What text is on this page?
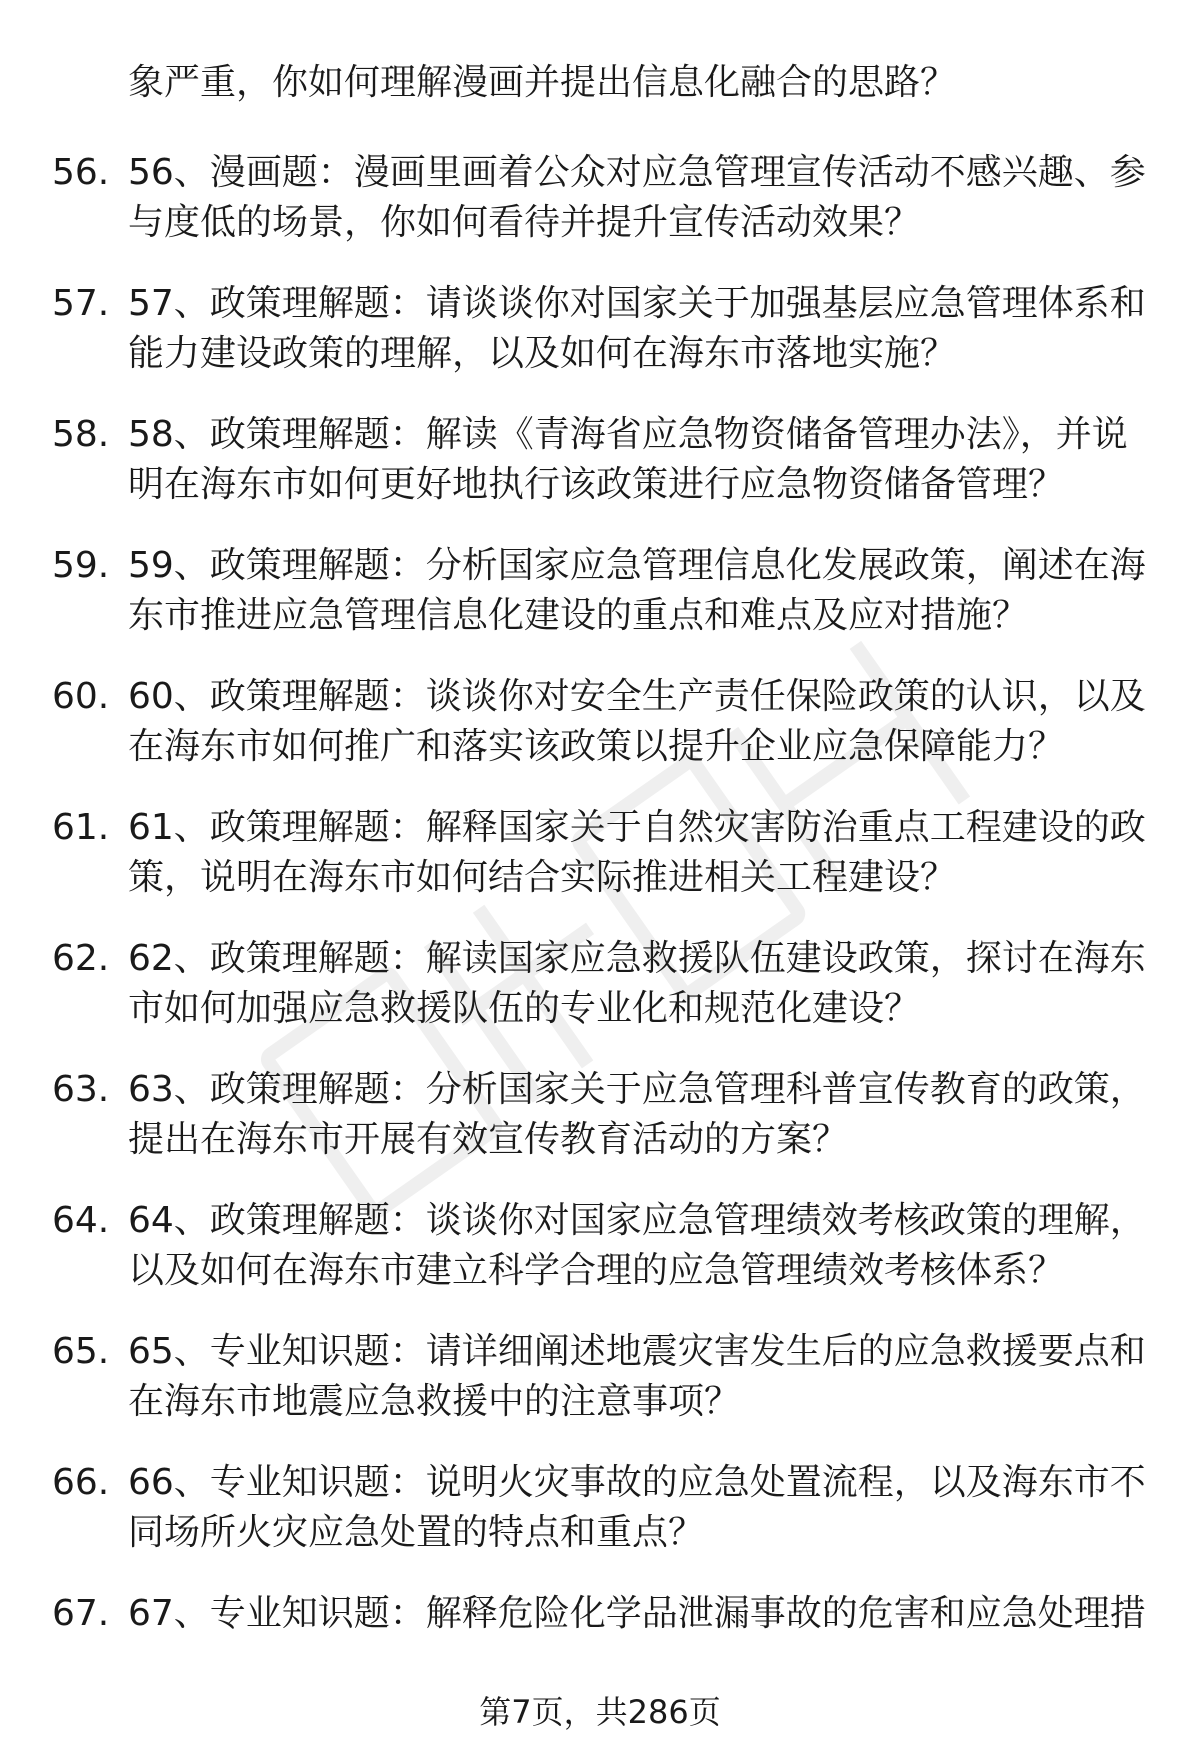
象严重，你如何理解漫画并提出信息化融合的思路？
56. 56、漫画题：漫画里画着公众对应急管理宣传活动不感兴趣、参
与度低的场景，你如何看待并提升宣传活动效果？
57. 57、政策理解题：请谈谈你对国家关于加强基层应急管理体系和
能力建设政策的理解，以及如何在海东市落地实施？
58. 58、政策理解题：解读《青海省应急物资储备管理办法》，并说
明在海东市如何更好地执行该政策进行应急物资储备管理？
59. 59、政策理解题：分析国家应急管理信息化发展政策，阐述在海
东市推进应急管理信息化建设的重点和难点及应对措施？
60. 60、政策理解题：谈谈你对安全生产责任保险政策的认识，以及
在海东市如何推广和落实该政策以提升企业应急保障能力？
61. 61、政策理解题：解释国家关于自然灾害防治重点工程建设的政
策，说明在海东市如何结合实际推进相关工程建设？
62. 62、政策理解题：解读国家应急救援队伍建设政策，探讨在海东
市如何加强应急救援队伍的专业化和规范化建设？
63. 63、政策理解题：分析国家关于应急管理科普宣传教育的政策，
提出在海东市开展有效宣传教育活动的方案？
64. 64、政策理解题：谈谈你对国家应急管理绩效考核政策的理解，
以及如何在海东市建立科学合理的应急管理绩效考核体系？
65. 65、专业知识题：请详细阐述地震灾害发生后的应急救援要点和
在海东市地震应急救援中的注意事项？
66. 66、专业知识题：说明火灾事故的应急处置流程，以及海东市不
同场所火灾应急处置的特点和重点？
67. 67、专业知识题：解释危险化学品泄漏事故的危害和应急处理措
第7页，共286页
